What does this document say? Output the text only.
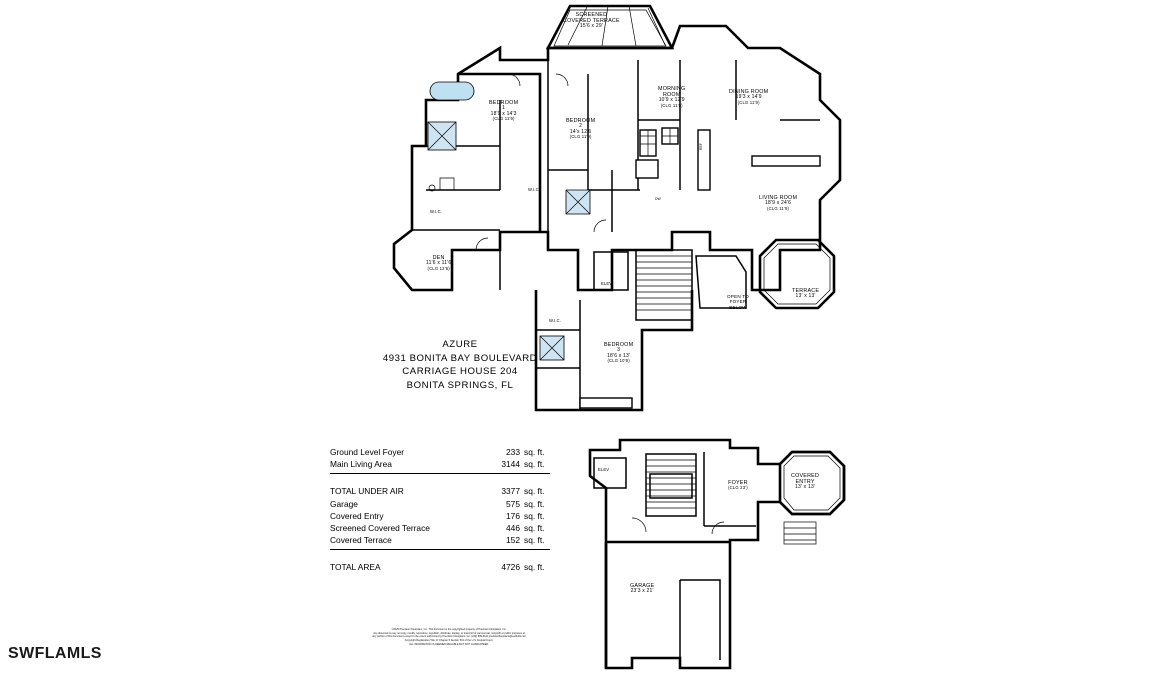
SCREENED
COVERED TERRACE
15'6 x 29'
BEDROOM
1
18'9 x 14'3
(CLG 11'9)	BEDROOM
2
14'x 12'6
(CLG 11'9)
MORNING
ROOM
10'9 x 12'9
(CLG 11'9)
DINING ROOM
19'3 x 14'9
(CLG 11'9)
LIVING ROOM
18'9 x 24'6
(CLG 11'9)
DEN
11'6 x 11'6
(CLG 12'6)
BEDROOM
3
18'6 x 13'
(CLG 10'9)
TERRACE
13' x 13'
W.I.C.
W.I.C.
W.I.C.
ELEV
OPEN TO
FOYER
BELOW
DW
REF
AZURE
4931 BONITA BAY BOULEVARD
CARRIAGE HOUSE 204
BONITA SPRINGS, FL
Ground Level Foyer	233 sq. ft.
Main Living Area	3144 sq. ft.
TOTAL UNDER AIR	3377 sq. ft.
Garage	575 sq. ft.
Covered Entry	176 sq. ft.
Screened Covered Terrace	446 sq. ft.
Covered Terrace	152 sq. ft.
TOTAL AREA	4726 sq. ft.
GARAGE
23'3 x 21'
COVERED
ENTRY
13' x 13'
FOYER
(CLG 23')
ELEV
©2025 Precision Floorplans, Inc. This document is the copyrighted property of Precision Floorplans, Inc.
Any dimensions may not copy, modify, reproduce, republish, distribute, display, or transmit for commercial, nonprofit or public purposes of
any portion of this document except to the extent authorized by Precision Floorplans, Inc. (239) 699-9111 precisionfloorplans@earthlink.net
Copyright Registration Title 17 Chapter 5 Section 501 of the U.S. Federal Court.
ALL INFORMATION IS DEEMED RELIABLE BUT NOT GUARANTEED.
SWFLAMLS
